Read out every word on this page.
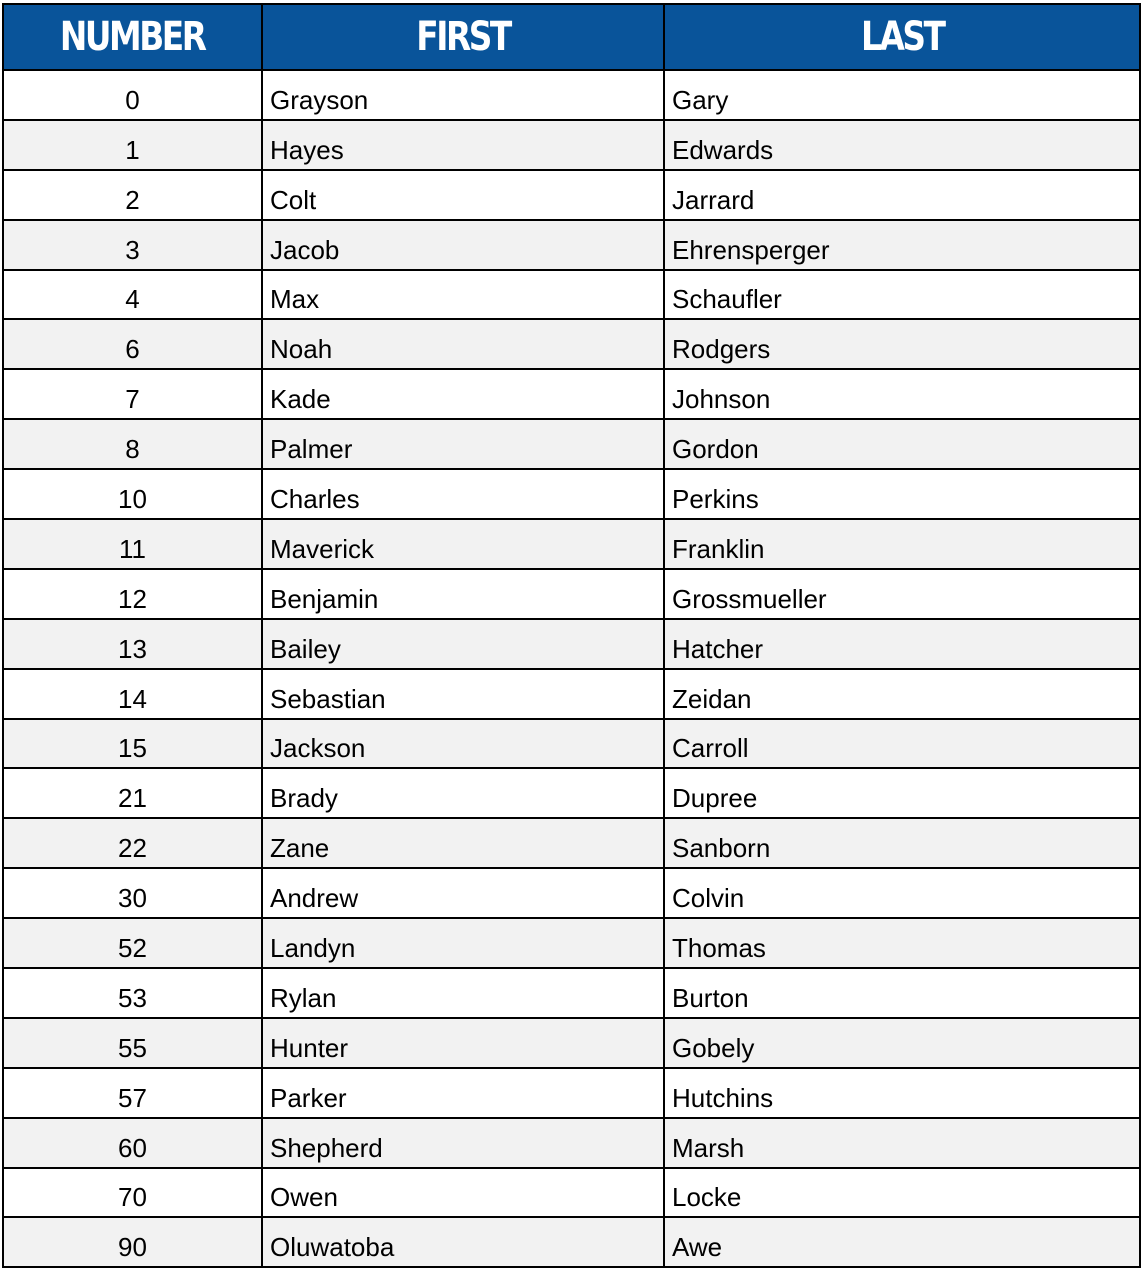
NUMBER	FIRST	LAST
0	Grayson	Gary
1	Hayes	Edwards
2	Colt	Jarrard
3	Jacob	Ehrensperger
4	Max	Schaufler
6	Noah	Rodgers
7	Kade	Johnson
8	Palmer	Gordon
10	Charles	Perkins
11	Maverick	Franklin
12	Benjamin	Grossmueller
13	Bailey	Hatcher
14	Sebastian	Zeidan
15	Jackson	Carroll
21	Brady	Dupree
22	Zane	Sanborn
30	Andrew	Colvin
52	Landyn	Thomas
53	Rylan	Burton
55	Hunter	Gobely
57	Parker	Hutchins
60	Shepherd	Marsh
70	Owen	Locke
90	Oluwatoba	Awe
